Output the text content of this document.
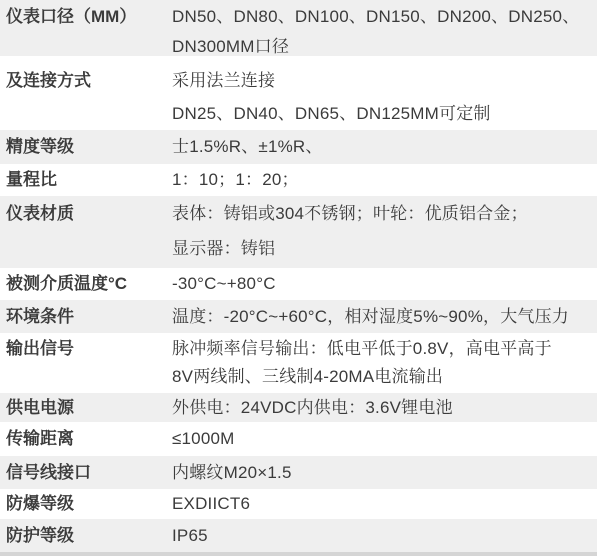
仪表口径（MM）	DN50、DN80、DN100、DN150、DN200、DN250、
DN300MM口径
及连接方式	采用法兰连接
DN25、DN40、DN65、DN125MM可定制
精度等级	士1.5%R、±1%R、
量程比	1：10；1：20；
仪表材质	表体：铸铝或304不锈钢；叶轮：优质铝合金；
显示器：铸铝
被测介质温度°C	-30°C~+80°C
环境条件	温度：-20°C~+60°C，相对湿度5%~90%，大气压力
输出信号	脉冲频率信号输出：低电平低于0.8V，高电平高于
8V两线制、三线制4-20MA电流输出
供电电源	外供电：24VDC内供电：3.6V锂电池
传输距离	≤1000M
信号线接口	内螺纹M20×1.5
防爆等级	EXDIICT6
防护等级	IP65
